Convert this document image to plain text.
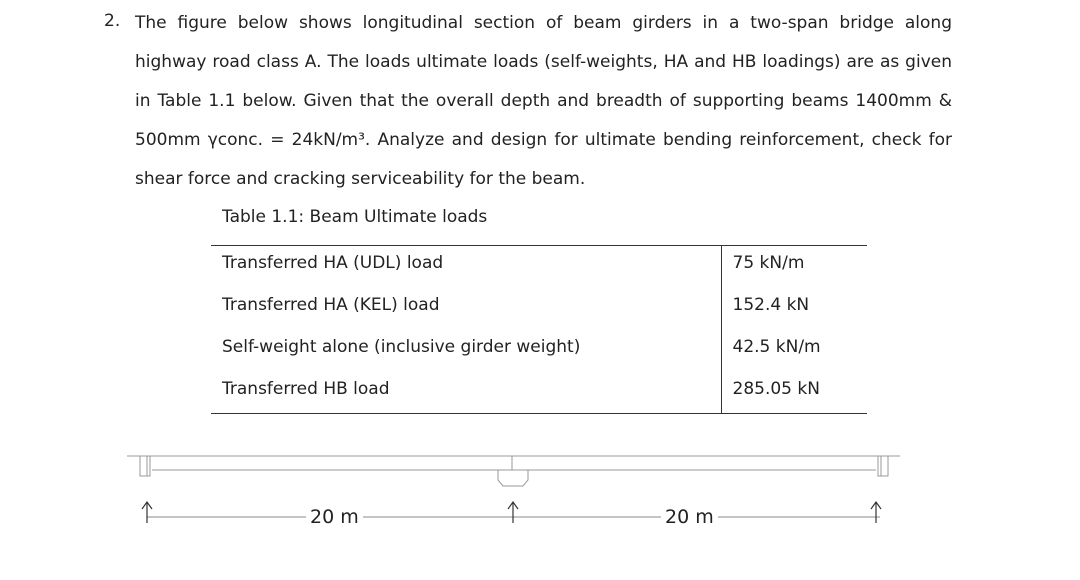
2. The figure below shows longitudinal section of beam girders in a two-span bridge along highway road class A. The loads ultimate loads (self-weights, HA and HB loadings) are as given in Table 1.1 below. Given that the overall depth and breadth of supporting beams 1400mm & 500mm γconc. = 24kN/m³. Analyze and design for ultimate bending reinforcement, check for shear force and cracking serviceability for the beam.

Table 1.1: Beam Ultimate loads
Transferred HA (UDL) load	75 kN/m
Transferred HA (KEL) load	152.4 kN
Self-weight alone (inclusive girder weight)	42.5 kN/m
Transferred HB load	285.05 kN
20 m	20 m
